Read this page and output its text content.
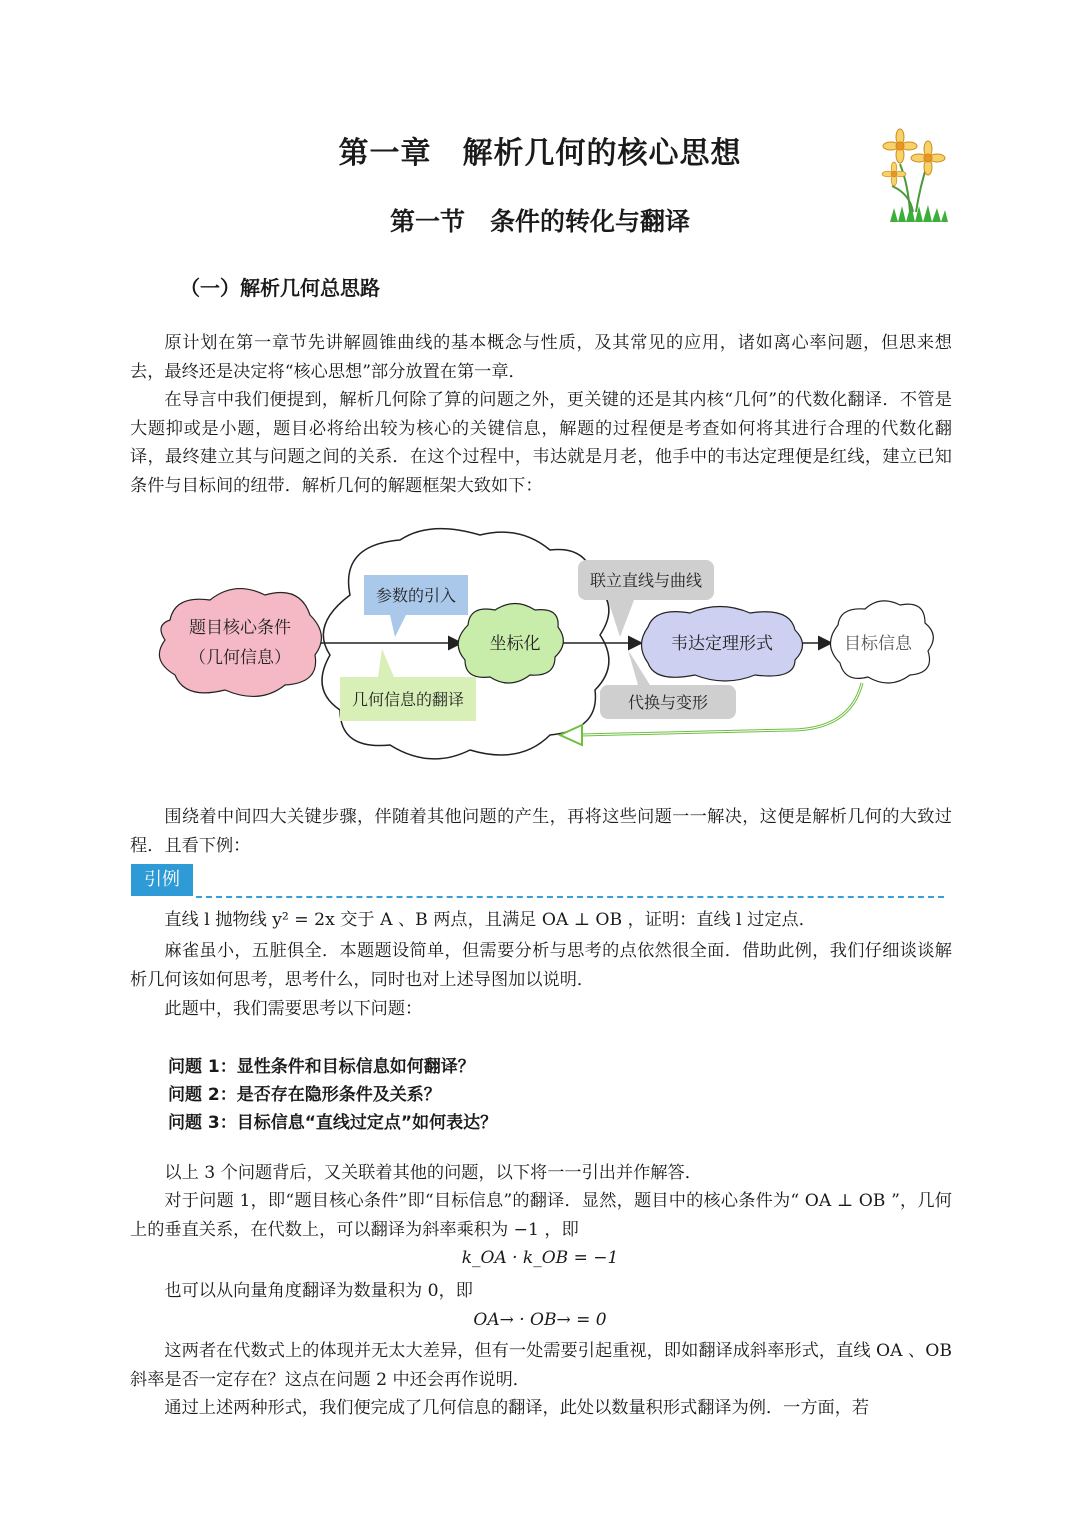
第一章　解析几何的核心思想
第一节　条件的转化与翻译
（一）解析几何总思路

原计划在第一章节先讲解圆锥曲线的基本概念与性质，及其常见的应用，诸如离心率问题，但思来想去，最终还是决定将“核心思想”部分放置在第一章．

在导言中我们便提到，解析几何除了算的问题之外，更关键的还是其内核“几何”的代数化翻译．不管是大题抑或是小题，题目必将给出较为核心的关键信息，解题的过程便是考查如何将其进行合理的代数化翻译，最终建立其与问题之间的关系．在这个过程中，韦达就是月老，他手中的韦达定理便是红线，建立已知条件与目标间的纽带．解析几何的解题框架大致如下：

题目核心条件
（几何信息）
参数的引入
坐标化
几何信息的翻译
联立直线与曲线
韦达定理形式
代换与变形
目标信息

围绕着中间四大关键步骤，伴随着其他问题的产生，再将这些问题一一解决，这便是解析几何的大致过程．且看下例：

引例

直线 l 抛物线 y² = 2x 交于 A 、B 两点，且满足 OA ⊥ OB ，证明：直线 l 过定点．

麻雀虽小，五脏俱全．本题题设简单，但需要分析与思考的点依然很全面．借助此例，我们仔细谈谈解析几何该如何思考，思考什么，同时也对上述导图加以说明．

此题中，我们需要思考以下问题：

问题 1：显性条件和目标信息如何翻译？
问题 2：是否存在隐形条件及关系？
问题 3：目标信息“直线过定点”如何表达？

以上 3 个问题背后，又关联着其他的问题，以下将一一引出并作解答．

对于问题 1，即“题目核心条件”即“目标信息”的翻译．显然，题目中的核心条件为“ OA ⊥ OB ”，几何上的垂直关系，在代数上，可以翻译为斜率乘积为 −1 ，即

k_OA · k_OB = −1

也可以从向量角度翻译为数量积为 0，即

OA→ · OB→ = 0

这两者在代数式上的体现并无太大差异，但有一处需要引起重视，即如翻译成斜率形式，直线 OA 、OB 斜率是否一定存在？这点在问题 2 中还会再作说明．

通过上述两种形式，我们便完成了几何信息的翻译，此处以数量积形式翻译为例．一方面，若
